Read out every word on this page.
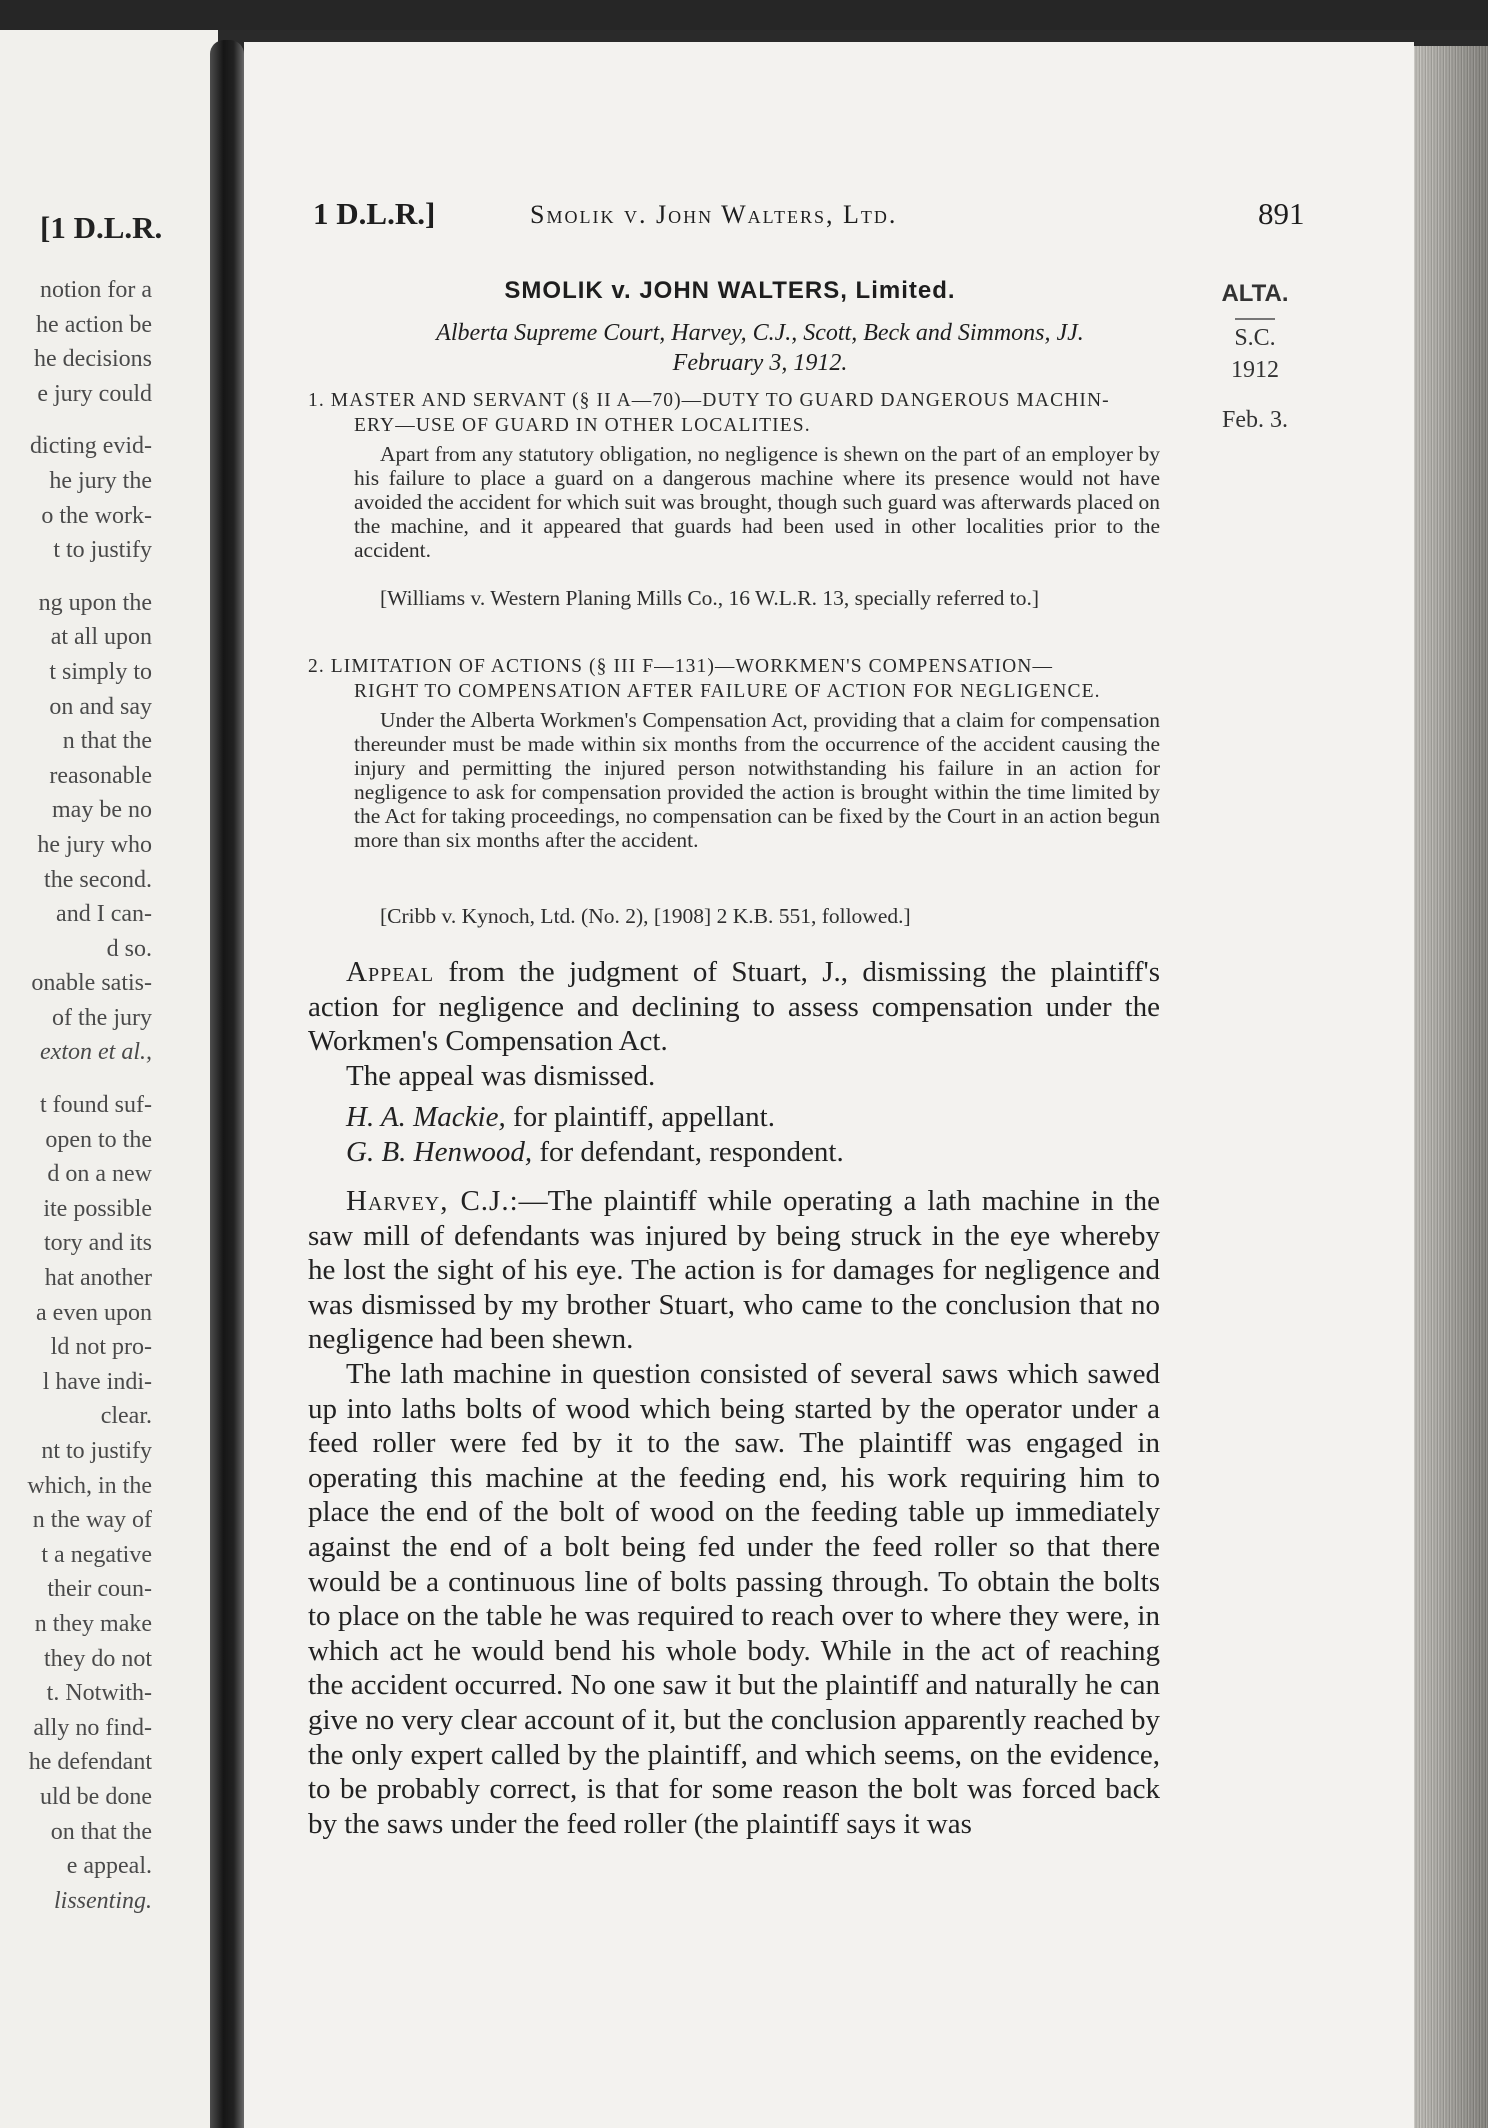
[1 D.L.R.
notion for a
he action be
he decisions
e jury could
dicting evid-
he jury the
o the work-
t to justify
ng upon the
at all upon
t simply to
on and say
n that the
reasonable
may be no
he jury who
the second.
and I can-
d so.
onable satis-
of the jury
exton et al.,
t found suf-
open to the
d on a new
ite possible
tory and its
hat another
a even upon
ld not pro-
l have indi-
clear.
nt to justify
which, in the
n the way of
t a negative
their coun-
n they make
they do not
t. Notwith-
ally no find-
he defendant
uld be done
on that the
e appeal.
lissenting.
1 D.L.R.]	Smolik v. John Walters, Ltd.	891
SMOLIK v. JOHN WALTERS, Limited.
Alberta Supreme Court, Harvey, C.J., Scott, Beck and Simmons, JJ.
February 3, 1912.
ALTA.
S.C.
1912
Feb. 3.
1. MASTER AND SERVANT (§ II A—70)—DUTY TO GUARD DANGEROUS MACHIN-
ERY—USE OF GUARD IN OTHER LOCALITIES.
Apart from any statutory obligation, no negligence is shewn on the part of an employer by his failure to place a guard on a dangerous machine where its presence would not have avoided the accident for which suit was brought, though such guard was afterwards placed on the machine, and it appeared that guards had been used in other localities prior to the accident.
[Williams v. Western Planing Mills Co., 16 W.L.R. 13, specially referred to.]
2. LIMITATION OF ACTIONS (§ III F—131)—WORKMEN'S COMPENSATION—
RIGHT TO COMPENSATION AFTER FAILURE OF ACTION FOR NEGLIGENCE.
Under the Alberta Workmen's Compensation Act, providing that a claim for compensation thereunder must be made within six months from the occurrence of the accident causing the injury and permitting the injured person notwithstanding his failure in an action for negligence to ask for compensation provided the action is brought within the time limited by the Act for taking proceedings, no compensation can be fixed by the Court in an action begun more than six months after the accident.
[Cribb v. Kynoch, Ltd. (No. 2), [1908] 2 K.B. 551, followed.]

Appeal from the judgment of Stuart, J., dismissing the plaintiff's action for negligence and declining to assess compensation under the Workmen's Compensation Act.

The appeal was dismissed.

H. A. Mackie, for plaintiff, appellant.
G. B. Henwood, for defendant, respondent.

Harvey, C.J.:—The plaintiff while operating a lath machine in the saw mill of defendants was injured by being struck in the eye whereby he lost the sight of his eye. The action is for damages for negligence and was dismissed by my brother Stuart, who came to the conclusion that no negligence had been shewn.

The lath machine in question consisted of several saws which sawed up into laths bolts of wood which being started by the operator under a feed roller were fed by it to the saw. The plaintiff was engaged in operating this machine at the feeding end, his work requiring him to place the end of the bolt of wood on the feeding table up immediately against the end of a bolt being fed under the feed roller so that there would be a continuous line of bolts passing through. To obtain the bolts to place on the table he was required to reach over to where they were, in which act he would bend his whole body. While in the act of reaching the accident occurred. No one saw it but the plaintiff and naturally he can give no very clear account of it, but the conclusion apparently reached by the only expert called by the plaintiff, and which seems, on the evidence, to be probably correct, is that for some reason the bolt was forced back by the saws under the feed roller (the plaintiff says it was
